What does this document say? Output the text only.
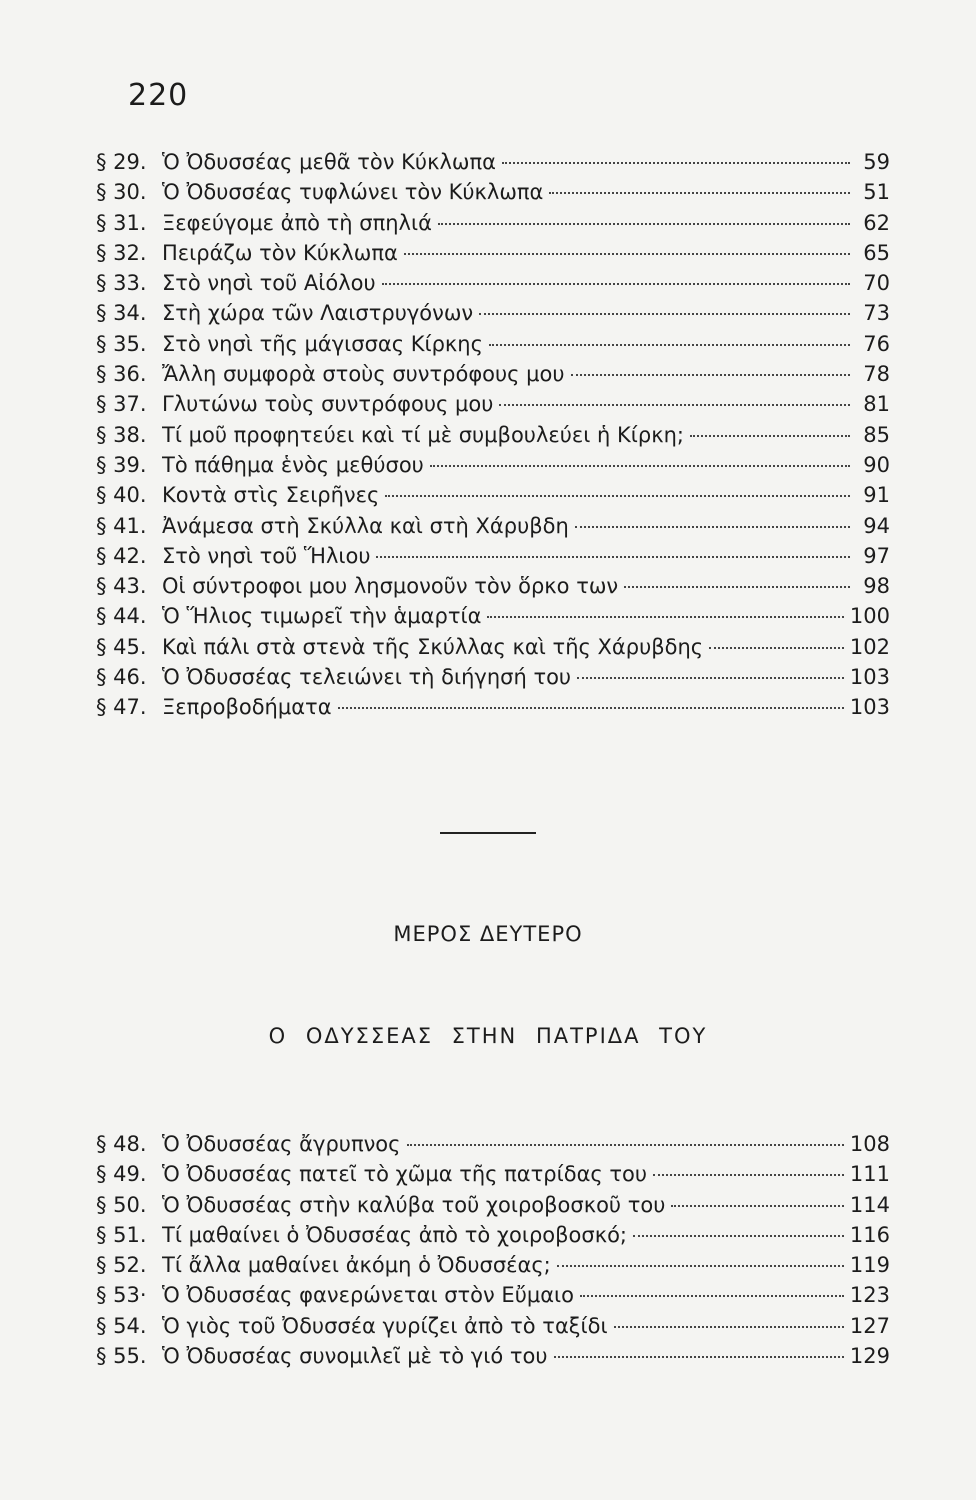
220
§ 29. Ὁ Ὀδυσσέας μεθᾶ τὸν Κύκλωπα	59
§ 30. Ὁ Ὀδυσσέας τυφλώνει τὸν Κύκλωπα	51
§ 31. Ξεφεύγομε ἀπὸ τὴ σπηλιά	62
§ 32. Πειράζω τὸν Κύκλωπα	65
§ 33. Στὸ νησὶ τοῦ Αἰόλου	70
§ 34. Στὴ χώρα τῶν Λαιστρυγόνων	73
§ 35. Στὸ νησὶ τῆς μάγισσας Κίρκης	76
§ 36. Ἄλλη συμφορὰ στοὺς συντρόφους μου	78
§ 37. Γλυτώνω τοὺς συντρόφους μου	81
§ 38. Τί μοῦ προφητεύει καὶ τί μὲ συμβουλεύει ἡ Κίρκη;	85
§ 39. Τὸ πάθημα ἑνὸς μεθύσου	90
§ 40. Κοντὰ στὶς Σειρῆνες	91
§ 41. Ἀνάμεσα στὴ Σκύλλα καὶ στὴ Χάρυβδη	94
§ 42. Στὸ νησὶ τοῦ Ἥλιου	97
§ 43. Οἱ σύντροφοι μου λησμονοῦν τὸν ὅρκο των	98
§ 44. Ὁ Ἥλιος τιμωρεῖ τὴν ἁμαρτία	100
§ 45. Καὶ πάλι στὰ στενὰ τῆς Σκύλλας καὶ τῆς Χάρυβδης	102
§ 46. Ὁ Ὀδυσσέας τελειώνει τὴ διήγησή του	103
§ 47. Ξεπροβοδήματα	103
ΜΕΡΟΣ ΔΕΥΤΕΡΟ
Ο ΟΔΥΣΣΕΑΣ ΣΤΗΝ ΠΑΤΡΙΔΑ ΤΟΥ
§ 48. Ὁ Ὀδυσσέας ἄγρυπνος	108
§ 49. Ὁ Ὀδυσσέας πατεῖ τὸ χῶμα τῆς πατρίδας του	111
§ 50. Ὁ Ὀδυσσέας στὴν καλύβα τοῦ χοιροβοσκοῦ του	114
§ 51. Τί μαθαίνει ὁ Ὀδυσσέας ἀπὸ τὸ χοιροβοσκό;	116
§ 52. Τί ἄλλα μαθαίνει ἀκόμη ὁ Ὀδυσσέας;	119
§ 53· Ὁ Ὀδυσσέας φανερώνεται στὸν Εὔμαιο	123
§ 54. Ὁ γιὸς τοῦ Ὀδυσσέα γυρίζει ἀπὸ τὸ ταξίδι	127
§ 55. Ὁ Ὀδυσσέας συνομιλεῖ μὲ τὸ γιό του	129
